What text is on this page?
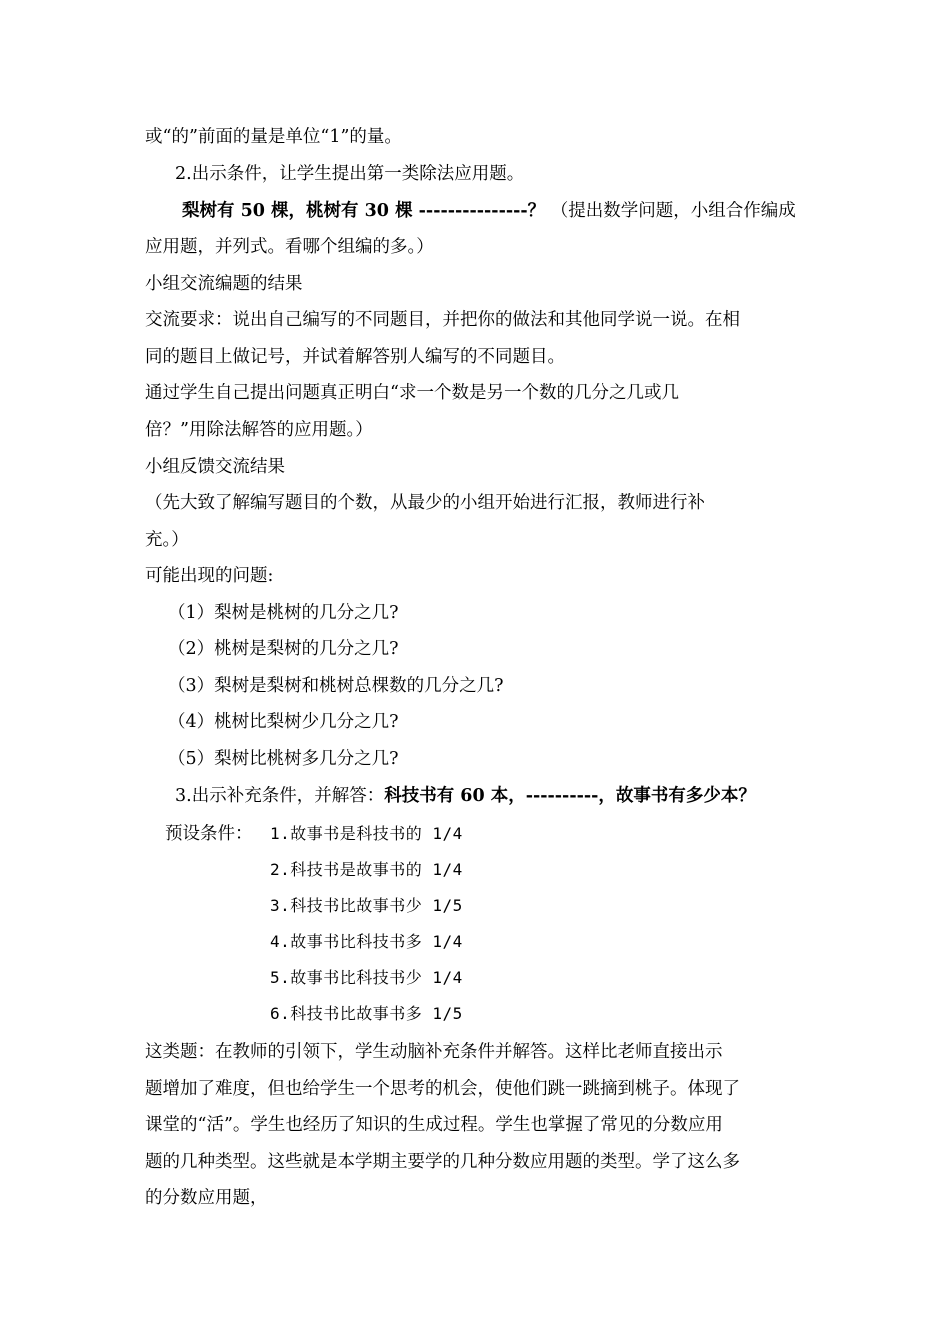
或“的”前面的量是单位“1”的量。
2.出示条件，让学生提出第一类除法应用题。
梨树有 50 棵，桃树有 30 棵 ---------------？ （提出数学问题，小组合作编成
应用题，并列式。看哪个组编的多。）
小组交流编题的结果
交流要求：说出自己编写的不同题目，并把你的做法和其他同学说一说。在相
同的题目上做记号，并试着解答别人编写的不同题目。
通过学生自己提出问题真正明白“求一个数是另一个数的几分之几或几
倍？”用除法解答的应用题。）
小组反馈交流结果
（先大致了解编写题目的个数，从最少的小组开始进行汇报，教师进行补
充。）
可能出现的问题:
（1）梨树是桃树的几分之几?
（2）桃树是梨树的几分之几?
（3）梨树是梨树和桃树总棵数的几分之几?
（4）桃树比梨树少几分之几?
（5）梨树比桃树多几分之几?
3.出示补充条件，并解答：科技书有 60 本，----------，故事书有多少本？
预设条件：	1.故事书是科技书的 1/4
2.科技书是故事书的 1/4
3.科技书比故事书少 1/5
4.故事书比科技书多 1/4
5.故事书比科技书少 1/4
6.科技书比故事书多 1/5
这类题：在教师的引领下，学生动脑补充条件并解答。这样比老师直接出示
题增加了难度，但也给学生一个思考的机会，使他们跳一跳摘到桃子。体现了
课堂的“活”。学生也经历了知识的生成过程。学生也掌握了常见的分数应用
题的几种类型。这些就是本学期主要学的几种分数应用题的类型。学了这么多
的分数应用题，
